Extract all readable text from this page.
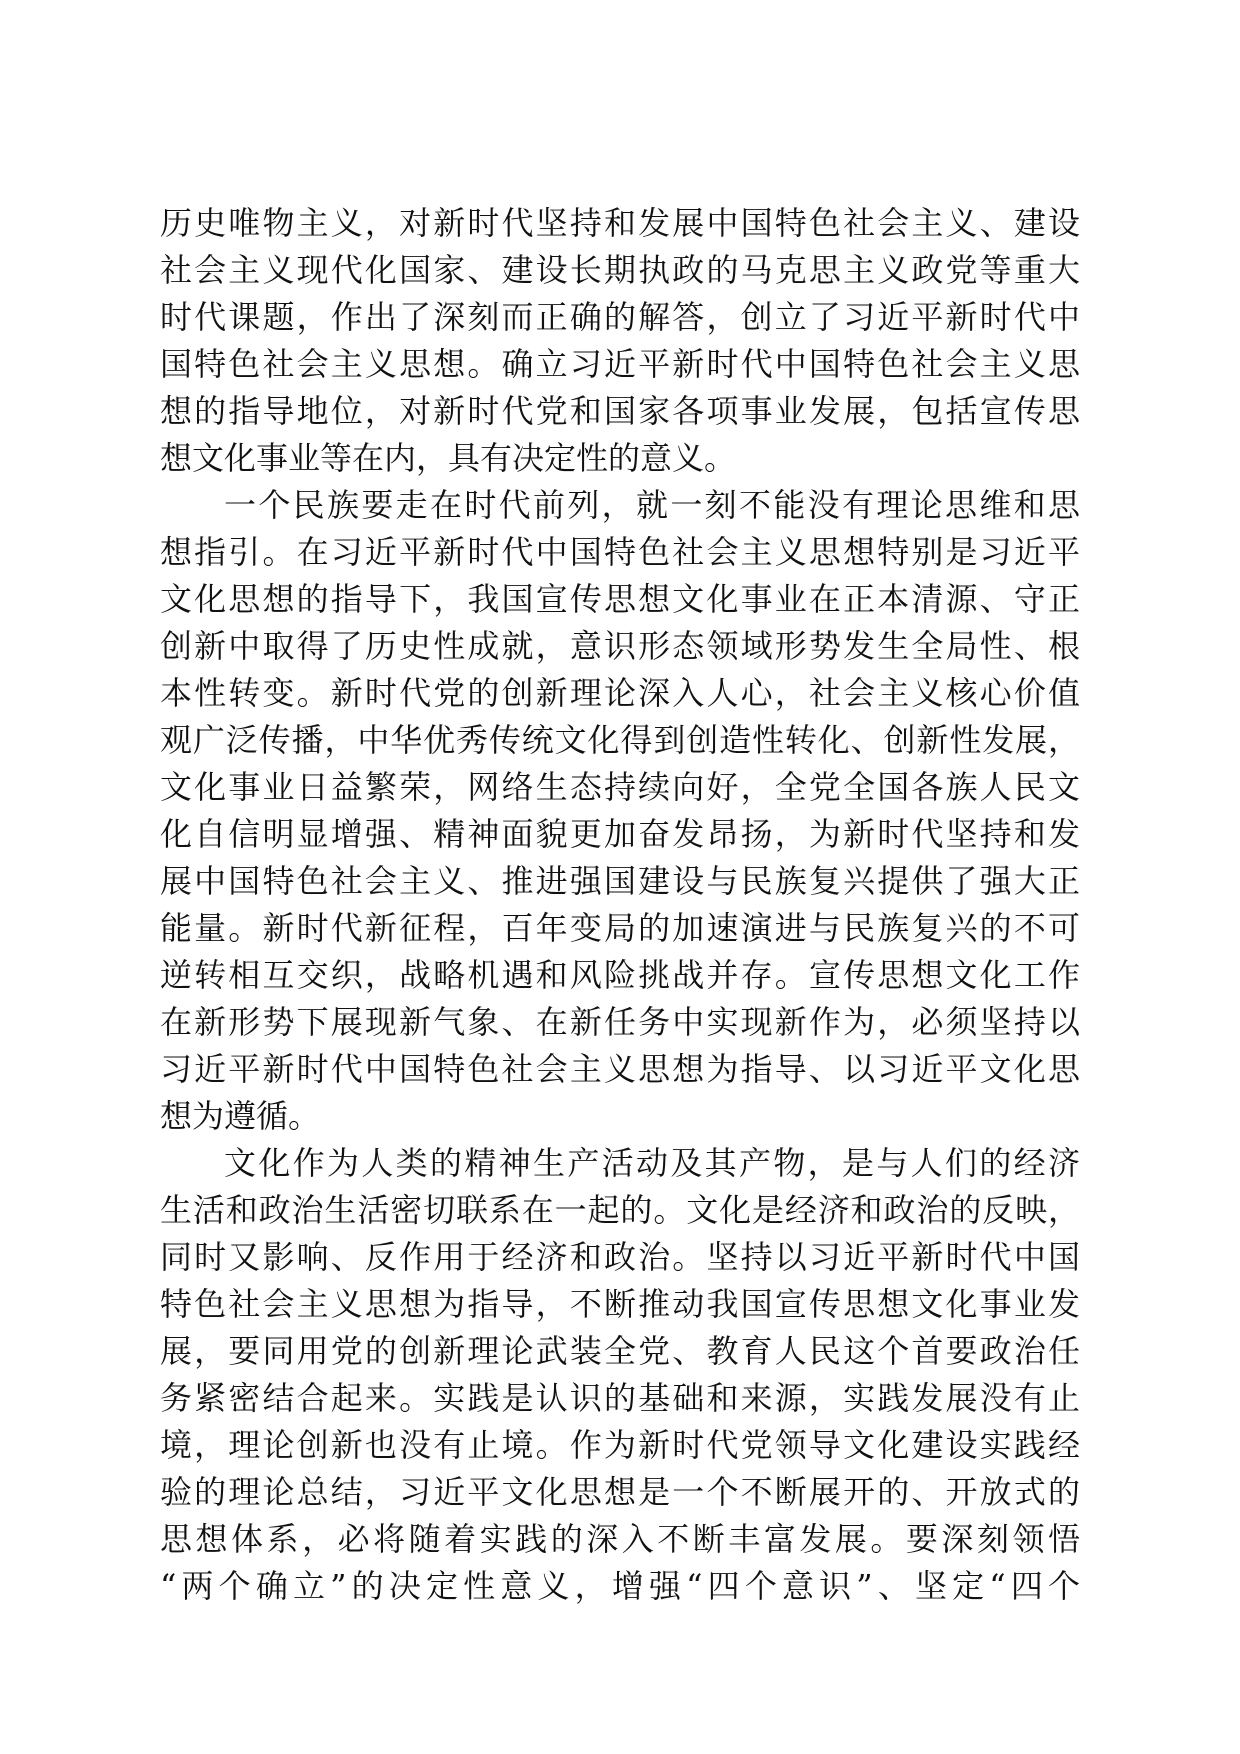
历史唯物主义，对新时代坚持和发展中国特色社会主义、建设
社会主义现代化国家、建设长期执政的马克思主义政党等重大
时代课题，作出了深刻而正确的解答，创立了习近平新时代中
国特色社会主义思想。确立习近平新时代中国特色社会主义思
想的指导地位，对新时代党和国家各项事业发展，包括宣传思
想文化事业等在内，具有决定性的意义。
一个民族要走在时代前列，就一刻不能没有理论思维和思
想指引。在习近平新时代中国特色社会主义思想特别是习近平
文化思想的指导下，我国宣传思想文化事业在正本清源、守正
创新中取得了历史性成就，意识形态领域形势发生全局性、根
本性转变。新时代党的创新理论深入人心，社会主义核心价值
观广泛传播，中华优秀传统文化得到创造性转化、创新性发展，
文化事业日益繁荣，网络生态持续向好，全党全国各族人民文
化自信明显增强、精神面貌更加奋发昂扬，为新时代坚持和发
展中国特色社会主义、推进强国建设与民族复兴提供了强大正
能量。新时代新征程，百年变局的加速演进与民族复兴的不可
逆转相互交织，战略机遇和风险挑战并存。宣传思想文化工作
在新形势下展现新气象、在新任务中实现新作为，必须坚持以
习近平新时代中国特色社会主义思想为指导、以习近平文化思
想为遵循。
文化作为人类的精神生产活动及其产物，是与人们的经济
生活和政治生活密切联系在一起的。文化是经济和政治的反映，
同时又影响、反作用于经济和政治。坚持以习近平新时代中国
特色社会主义思想为指导，不断推动我国宣传思想文化事业发
展，要同用党的创新理论武装全党、教育人民这个首要政治任
务紧密结合起来。实践是认识的基础和来源，实践发展没有止
境，理论创新也没有止境。作为新时代党领导文化建设实践经
验的理论总结，习近平文化思想是一个不断展开的、开放式的
思想体系，必将随着实践的深入不断丰富发展。要深刻领悟
“两个确立”的决定性意义，增强“四个意识”、坚定“四个
